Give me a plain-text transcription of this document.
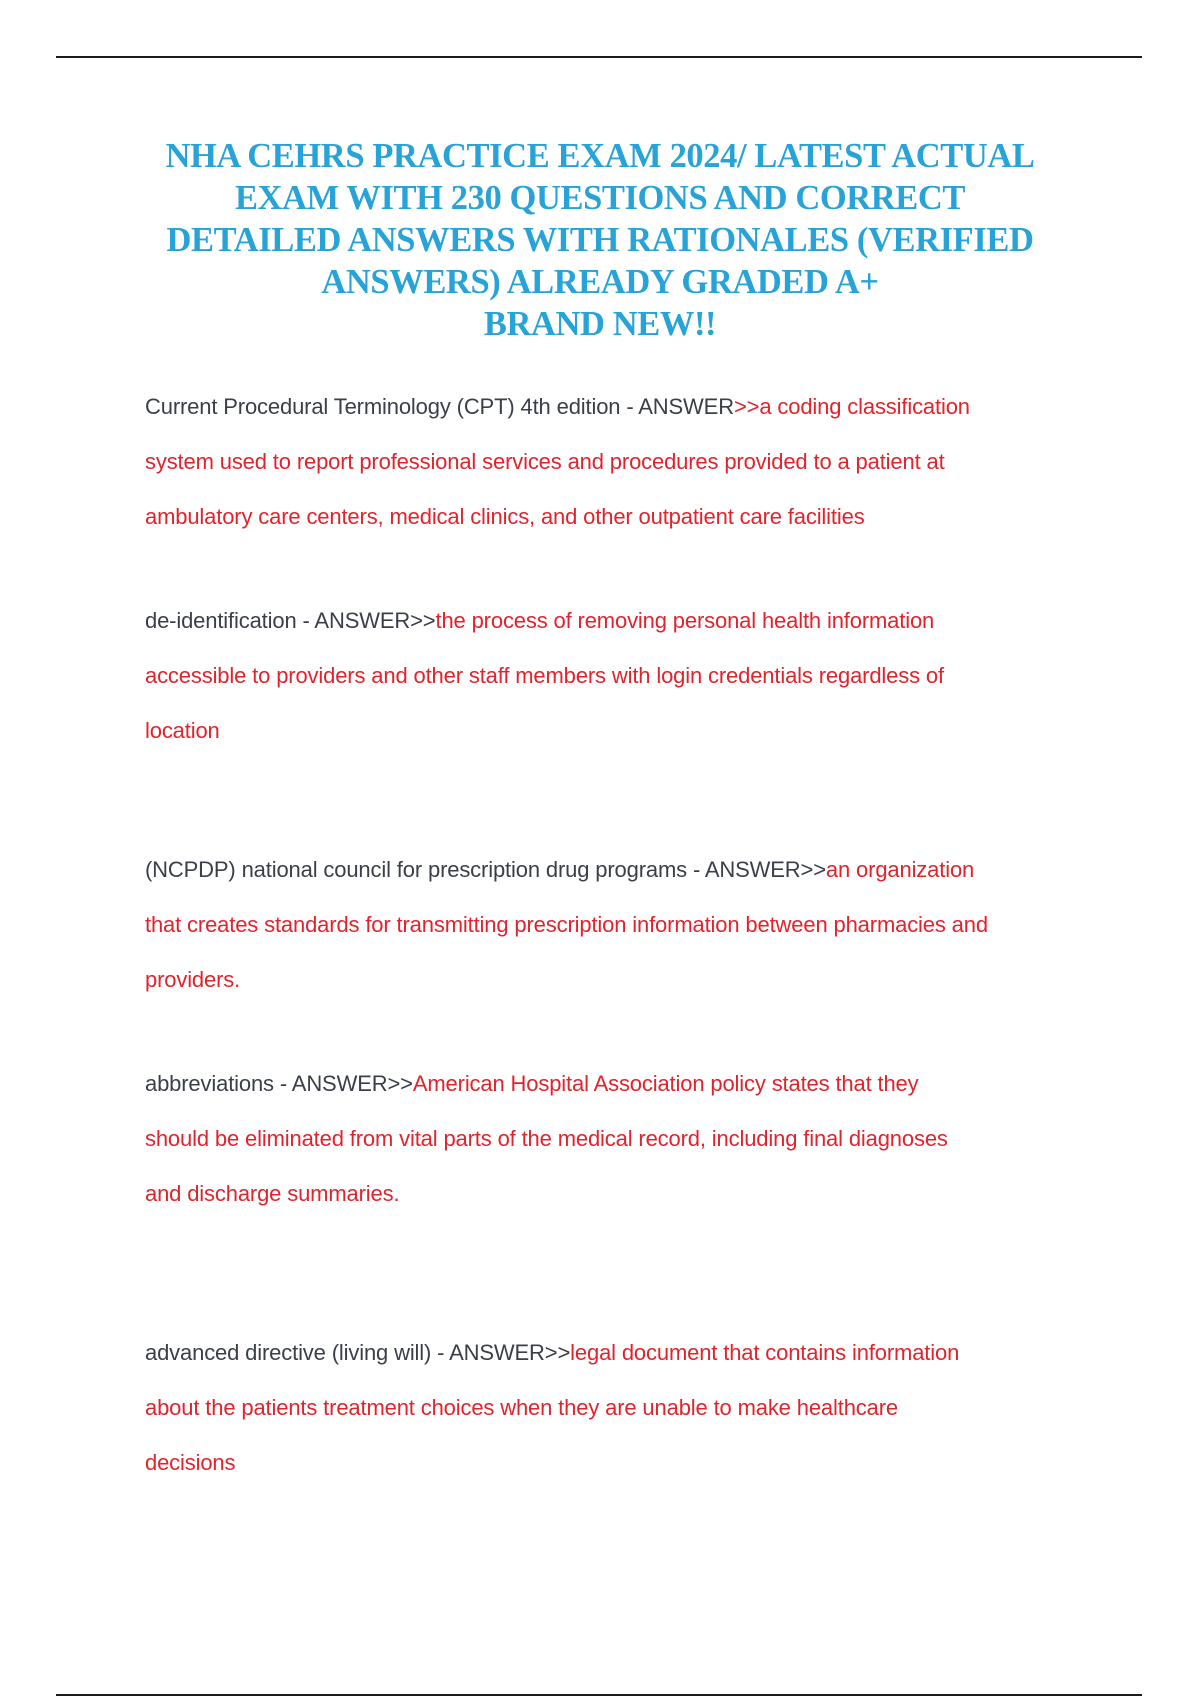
NHA CEHRS PRACTICE EXAM 2024/ LATEST ACTUAL
EXAM WITH 230 QUESTIONS AND CORRECT
DETAILED ANSWERS WITH RATIONALES (VERIFIED
ANSWERS) ALREADY GRADED A+
BRAND NEW!!
Current Procedural Terminology (CPT) 4th edition - ANSWER>>a coding classification
system used to report professional services and procedures provided to a patient at
ambulatory care centers, medical clinics, and other outpatient care facilities
de-identification - ANSWER>>the process of removing personal health information
accessible to providers and other staff members with login credentials regardless of
location
(NCPDP) national council for prescription drug programs - ANSWER>>an organization
that creates standards for transmitting prescription information between pharmacies and
providers.
abbreviations - ANSWER>>American Hospital Association policy states that they
should be eliminated from vital parts of the medical record, including final diagnoses
and discharge summaries.
advanced directive (living will) - ANSWER>>legal document that contains information
about the patients treatment choices when they are unable to make healthcare
decisions
